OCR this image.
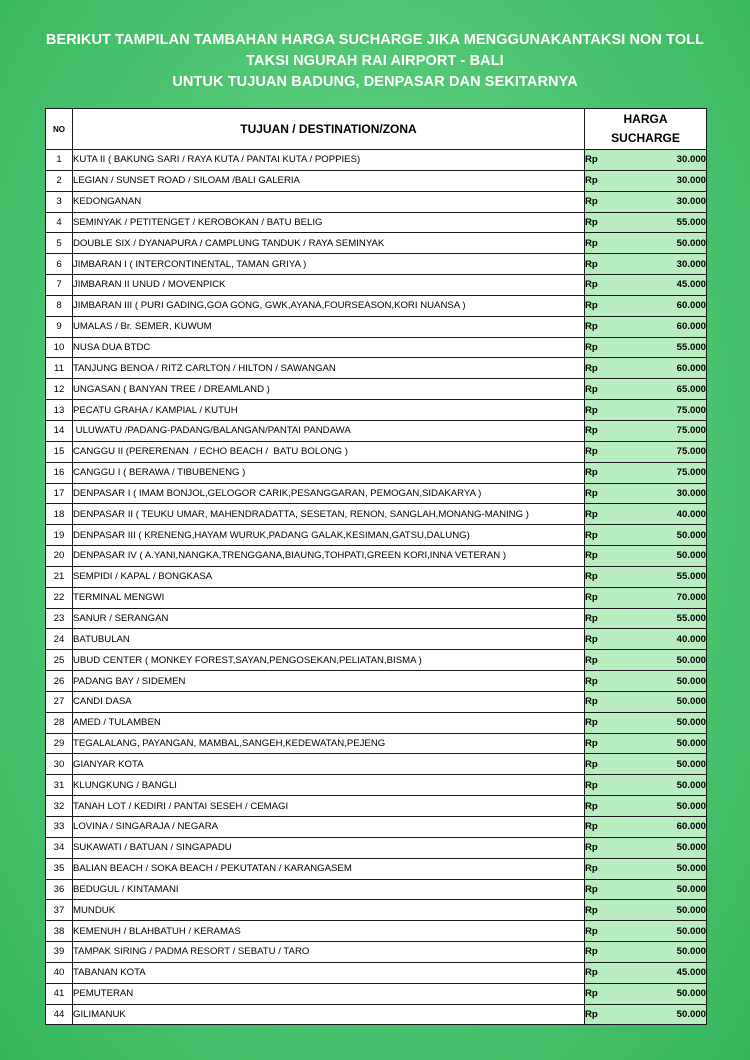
BERIKUT TAMPILAN TAMBAHAN HARGA SUCHARGE JIKA MENGGUNAKANTAKSI NON TOLL
TAKSI NGURAH RAI AIRPORT - BALI
UNTUK TUJUAN BADUNG, DENPASAR DAN SEKITARNYA
NO	TUJUAN / DESTINATION/ZONA	HARGA
SUCHARGE

1	KUTA II ( BAKUNG SARI / RAYA KUTA / PANTAI KUTA / POPPIES)	Rp 30.000

2	LEGIAN / SUNSET ROAD / SILOAM /BALI GALERIA	Rp 30.000

3	KEDONGANAN	Rp 30.000

4	SEMINYAK / PETITENGET / KEROBOKAN / BATU BELIG	Rp 55.000

5	DOUBLE SIX / DYANAPURA / CAMPLUNG TANDUK / RAYA SEMINYAK	Rp 50.000

6	JIMBARAN I ( INTERCONTINENTAL, TAMAN GRIYA )	Rp 30.000

7	JIMBARAN II UNUD / MOVENPICK	Rp 45.000

8	JIMBARAN III ( PURI GADING,GOA GONG, GWK,AYANA,FOURSEASON,KORI NUANSA )	Rp 60.000

9	UMALAS / Br. SEMER, KUWUM	Rp 60.000

10	NUSA DUA BTDC	Rp 55.000

11	TANJUNG BENOA / RITZ CARLTON / HILTON / SAWANGAN	Rp 60.000

12	UNGASAN ( BANYAN TREE / DREAMLAND )	Rp 65.000

13	PECATU GRAHA / KAMPIAL / KUTUH	Rp 75.000

14	ULUWATU /PADANG-PADANG/BALANGAN/PANTAI PANDAWA	Rp 75.000

15	CANGGU II (PERERENAN  / ECHO BEACH /  BATU BOLONG )	Rp 75.000

16	CANGGU I ( BERAWA / TIBUBENENG )	Rp 75.000

17	DENPASAR I ( IMAM BONJOL,GELOGOR CARIK,PESANGGARAN, PEMOGAN,SIDAKARYA )	Rp 30.000

18	DENPASAR II ( TEUKU UMAR, MAHENDRADATTA, SESETAN, RENON, SANGLAH,MONANG-MANING )	Rp 40.000

19	DENPASAR III ( KRENENG,HAYAM WURUK,PADANG GALAK,KESIMAN,GATSU,DALUNG)	Rp 50.000

20	DENPASAR IV ( A.YANI,NANGKA,TRENGGANA,BIAUNG,TOHPATI,GREEN KORI,INNA VETERAN )	Rp 50.000

21	SEMPIDI / KAPAL / BONGKASA	Rp 55.000

22	TERMINAL MENGWI	Rp 70.000

23	SANUR / SERANGAN	Rp 55.000

24	BATUBULAN	Rp 40.000

25	UBUD CENTER ( MONKEY FOREST,SAYAN,PENGOSEKAN,PELIATAN,BISMA )	Rp 50.000

26	PADANG BAY / SIDEMEN	Rp 50.000

27	CANDI DASA	Rp 50.000

28	AMED / TULAMBEN	Rp 50.000

29	TEGALALANG, PAYANGAN, MAMBAL,SANGEH,KEDEWATAN,PEJENG	Rp 50.000

30	GIANYAR KOTA	Rp 50.000

31	KLUNGKUNG / BANGLI	Rp 50.000

32	TANAH LOT / KEDIRI / PANTAI SESEH / CEMAGI	Rp 50.000

33	LOVINA / SINGARAJA / NEGARA	Rp 60.000

34	SUKAWATI / BATUAN / SINGAPADU	Rp 50.000

35	BALIAN BEACH / SOKA BEACH / PEKUTATAN / KARANGASEM	Rp 50.000

36	BEDUGUL / KINTAMANI	Rp 50.000

37	MUNDUK	Rp 50.000

38	KEMENUH / BLAHBATUH / KERAMAS	Rp 50.000

39	TAMPAK SIRING / PADMA RESORT / SEBATU / TARO	Rp 50.000

40	TABANAN KOTA	Rp 45.000

41	PEMUTERAN	Rp 50.000

44	GILIMANUK	Rp 50.000
